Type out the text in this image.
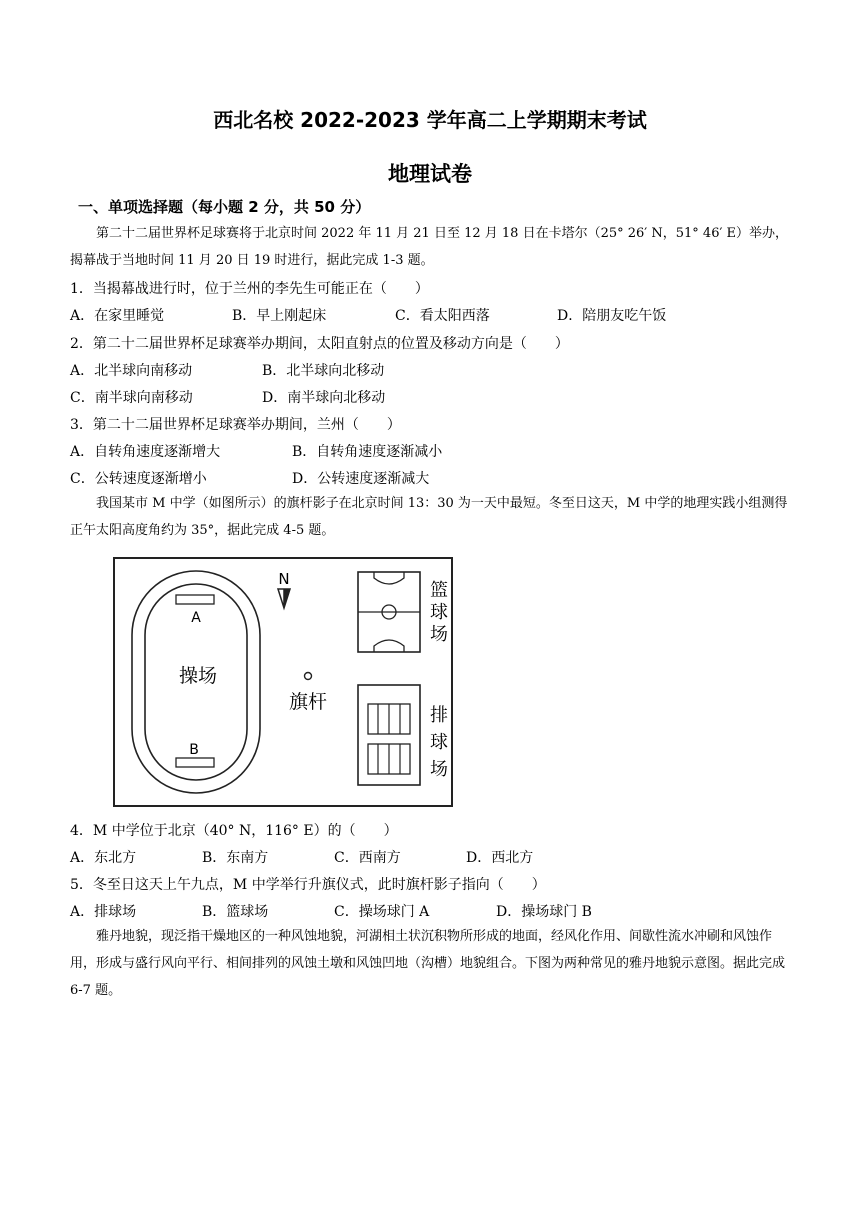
西北名校 2022-2023 学年高二上学期期末考试
地理试卷
一、单项选择题（每小题 2 分，共 50 分）
第二十二届世界杯足球赛将于北京时间 2022 年 11 月 21 日至 12 月 18 日在卡塔尔（25° 26′ N，51° 46′ E）举办，揭幕战于当地时间 11 月 20 日 19 时进行，据此完成 1-3 题。
1．当揭幕战进行时，位于兰州的李先生可能正在（　　）
A．在家里睡觉	B．早上刚起床	C．看太阳西落	D．陪朋友吃午饭
2．第二十二届世界杯足球赛举办期间，太阳直射点的位置及移动方向是（　　）
A．北半球向南移动	B．北半球向北移动
C．南半球向南移动	D．南半球向北移动
3．第二十二届世界杯足球赛举办期间，兰州（　　）
A．自转角速度逐渐增大	B．自转角速度逐渐减小
C．公转速度逐渐增小	D．公转速度逐渐减大
我国某市 M 中学（如图所示）的旗杆影子在北京时间 13：30 为一天中最短。冬至日这天，M 中学的地理实践小组测得正午太阳高度角约为 35°，据此完成 4-5 题。
A
B
操场
N
旗杆
篮
球
场
排
球
场
4．M 中学位于北京（40° N，116° E）的（　　）
A．东北方	B．东南方	C．西南方	D．西北方
5．冬至日这天上午九点，M 中学举行升旗仪式，此时旗杆影子指向（　　）
A．排球场	B．篮球场	C．操场球门 A	D．操场球门 B
雅丹地貌，现泛指干燥地区的一种风蚀地貌，河湖相土状沉积物所形成的地面，经风化作用、间歇性流水冲刷和风蚀作用，形成与盛行风向平行、相间排列的风蚀土墩和风蚀凹地（沟槽）地貌组合。下图为两种常见的雅丹地貌示意图。据此完成 6-7 题。
